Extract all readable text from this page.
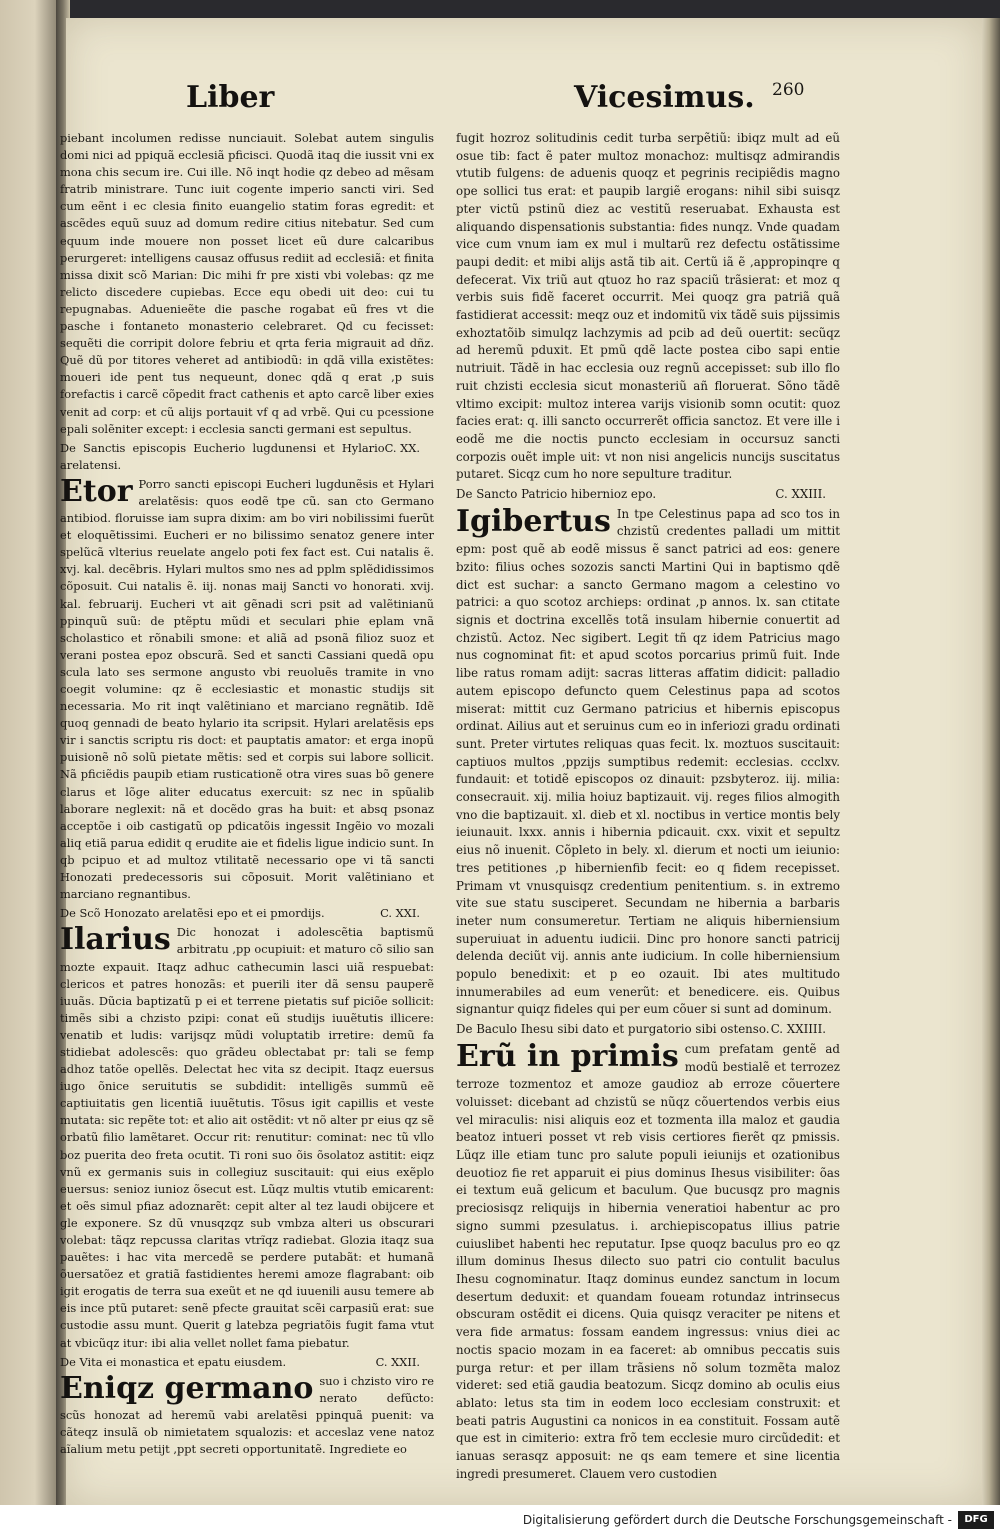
Liber	Vicesimus. 260

piebant incolumen redisse nunciauit. Solebat autem singulis domi nici ad ppiquã ecclesiã pficisci. Quodã itaq die iussit vni ex mona chis secum ire. Cui ille. Nõ inqt hodie qz debeo ad mẽsam fratrib ministrare. Tunc iuit cogente imperio sancti viri. Sed cum eẽnt i ec clesia finito euangelio statim foras egredit: et ascẽdes equũ suuz ad domum redire citius nitebatur. Sed cum equum inde mouere non posset licet eũ dure calcaribus perurgeret: intelligens causaz offusus rediit ad ecclesiã: et finita missa dixit scõ Marian: Dic mihi fr pre xisti vbi volebas: qz me relicto discedere cupiebas. Ecce equ obedi uit deo: cui tu repugnabas. Aduenieẽte die pasche rogabat eũ fres vt die pasche i fontaneto monasterio celebraret. Qd cu fecisset: sequẽti die corripit dolore febriu et qrta feria migrauit ad dñz. Quẽ dũ por titores veheret ad antibiodũ: in qdã villa existẽtes: moueri ide pent tus nequeunt, donec qdã q erat ,p suis forefactis i carcẽ cõpedit fract cathenis et apto carcẽ liber exies venit ad corp: et cũ alijs portauit vf q ad vrbẽ. Qui cu pcessione epali solẽniter except: i ecclesia sancti germani est sepultus.

C. XX.
De Sanctis episcopis Eucherio lugdunensi et Hylario arelatensi.
Etor Porro sancti episcopi Eucheri lugdunẽsis et Hylari arelatẽsis: quos eodẽ tpe cũ. san cto Germano antibiod. floruisse iam supra dixim: am bo viri nobilissimi fuerũt et eloquẽtissimi. Eucheri er no bilissimo senatoz genere inter spelũcã vlterius reuelate angelo poti fex fact est. Cui natalis ẽ. xvj. kal. decẽbris. Hylari multos smo nes ad pplm splẽdidissimos cõposuit. Cui natalis ẽ. iij. nonas maij Sancti vo honorati. xvij. kal. februarij. Eucheri vt ait gẽnadi scri psit ad valẽtinianũ ppinquũ suũ: de ptẽptu mũdi et seculari phie eplam vnã scholastico et rõnabili smone: et aliã ad psonã filioz suoz et verani postea epoz obscurã. Sed et sancti Cassiani quedã opu scula lato ses sermone angusto vbi reuoluẽs tramite in vno coegit volumine: qz ẽ ecclesiastic et monastic studijs sit necessaria. Mo rit inqt valẽtiniano et marciano regnãtib. Idẽ quoq gennadi de beato hylario ita scripsit. Hylari arelatẽsis eps vir i sanctis scriptu ris doct: et pauptatis amator: et erga inopũ puisionẽ nõ solũ pietate mẽtis: sed et corpis sui labore sollicit. Nã pficiẽdis paupib etiam rusticationẽ otra vires suas bõ genere clarus et lõge aliter educatus exercuit: sz nec in spũalib laborare neglexit: nã et docẽdo gras ha buit: et absq psonaz acceptõe i oib castigatũ op pdicatõis ingessit Ingẽio vo mozali aliq etiã parua edidit q erudite aie et fidelis ligue indicio sunt. In qb pcipuo et ad multoz vtilitatẽ necessario ope vi tã sancti Honozati predecessoris sui cõposuit. Morit valẽtiniano et marciano regnantibus.

C. XXI.
De Scõ Honozato arelatẽsi epo et ei pmordijs.
Ilarius Dic honozat i adolescẽtia baptismũ arbitratu ,pp ocupiuit: et maturo cõ silio san mozte expauit. Itaqz adhuc cathecumin lasci uiã respuebat: clericos et patres honozãs: et puerili iter dã sensu pauperẽ iuuãs. Dũcia baptizatũ p ei et terrene pietatis suf piciõe sollicit: timẽs sibi a chzisto pzipi: conat eũ studijs iuuẽtutis illicere: venatib et ludis: varijsqz mũdi voluptatib irretire: demũ fa stidiebat adolescẽs: quo grãdeu oblectabat pr: tali se femp adhoz tatõe opellẽs. Delectat hec vita sz decipit. Itaqz euersus iugo õnice seruitutis se subdidit: intelligẽs summũ eẽ captiuitatis gen licentiã iuuẽtutis. Tõsus igit capillis et veste mutata: sic repẽte tot: et alio ait ostẽdit: vt nõ alter pr eius qz sẽ orbatũ filio lamẽtaret. Occur rit: renutitur: cominat: nec tũ vllo boz puerita deo freta ocutit. Ti roni suo õis õsolatoz astitit: eiqz vnũ ex germanis suis in collegiuz suscitauit: qui eius exẽplo euersus: senioz iunioz õsecut est. Lũqz multis vtutib emicarent: et oẽs simul pfiaz adoznarẽt: cepit alter al tez laudi obijcere et gle exponere. Sz dũ vnusqzqz sub vmbza alteri us obscurari volebat: tãqz repcussa claritas vtrĩqz radiebat. Glozia itaqz sua pauẽtes: i hac vita mercedẽ se perdere putabãt: et humanã õuersatõez et gratiã fastidientes heremi amoze flagrabant: oib igit erogatis de terra sua exeũt et ne qd iuuenili ausu temere ab eis ince ptũ putaret: senẽ pfecte grauitat scẽi carpasiũ erat: sue custodie assu munt. Querit g latebza pegriatõis fugit fama vtut at vbicũqz itur: ibi alia vellet nollet fama piebatur.

C. XXII.
De Vita ei monastica et epatu eiusdem.
Eniqz germano suo i chzisto viro re nerato defũcto: scũs honozat ad heremũ vabi arelatẽsi ppinquã puenit: va cãteqz insulã ob nimietatem squalozis: et acceslaz vene natoz aĩalium metu petijt ,ppt secreti opportunitatẽ. Ingrediete eo

fugit hozroz solitudinis cedit turba serpẽtiũ: ibiqz mult ad eũ osue tib: fact ẽ pater multoz monachoz: multisqz admirandis vtutib fulgens: de aduenis quoqz et pegrinis recipiẽdis magno ope sollici tus erat: et paupib largiẽ erogans: nihil sibi suisqz pter victũ pstinũ diez ac vestitũ reseruabat. Exhausta est aliquando dispensationis substantia: fides nunqz. Vnde quadam vice cum vnum iam ex mul i multarũ rez defectu ostãtissime paupi dedit: et mibi alijs astã tib ait. Certũ iã ẽ ,appropinqre q defecerat. Vix triũ aut qtuoz ho raz spaciũ trãsierat: et moz q verbis suis fidẽ faceret occurrit. Mei quoqz gra patriã quã fastidierat accessit: meqz ouz et indomitũ vix tãdẽ suis pijssimis exhoztatõib simulqz lachzymis ad pcib ad deũ ouertit: secũqz ad heremũ pduxit. Et pmũ qdẽ lacte postea cibo sapi entie nutriuit. Tãdẽ in hac ecclesia ouz regnũ accepisset: sub illo flo ruit chzisti ecclesia sicut monasteriũ añ floruerat. Sõno tãdẽ vltimo excipit: multoz interea varijs visionib somn ocutit: quoz facies erat: q. illi sancto occurrerẽt officia sanctoz. Et vere ille i eodẽ me die noctis puncto ecclesiam in occursuz sancti corpozis ouẽt imple uit: vt non nisi angelicis nuncijs suscitatus putaret. Sicqz cum ho nore sepulture traditur.

C. XXIII.
De Sancto Patricio hibernioz epo.
Igibertus In tpe Celestinus papa ad sco tos in chzistũ credentes palladi um mittit epm: post quẽ ab eodẽ missus ẽ sanct patrici ad eos: genere bzito: filius oches sozozis sancti Martini Qui in baptismo qdẽ dict est suchar: a sancto Germano magom a celestino vo patrici: a quo scotoz archieps: ordinat ,p annos. lx. san ctitate signis et doctrina excellẽs totã insulam hibernie conuertit ad chzistũ. Actoz. Nec sigibert. Legit tñ qz idem Patricius mago nus cognominat fit: et apud scotos porcarius primũ fuit. Inde libe ratus romam adijt: sacras litteras affatim didicit: palladio autem episcopo defuncto quem Celestinus papa ad scotos miserat: mittit cuz Germano patricius et hibernis episcopus ordinat. Ailius aut et seruinus cum eo in inferiozi gradu ordinati sunt. Preter virtutes reliquas quas fecit. lx. moztuos suscitauit: captiuos multos ,ppzijs sumptibus redemit: ecclesias. ccclxv. fundauit: et totidẽ episcopos oz dinauit: pzsbyteroz. iij. milia: consecrauit. xij. milia hoiuz baptizauit. vij. reges filios almogith vno die baptizauit. xl. dieb et xl. noctibus in vertice montis bely ieiunauit. lxxx. annis i hibernia pdicauit. cxx. vixit et sepultz eius nõ inuenit. Cõpleto in bely. xl. dierum et nocti um ieiunio: tres petitiones ,p hibernienfib fecit: eo q fidem recepisset. Primam vt vnusquisqz credentium penitentium. s. in extremo vite sue statu susciperet. Secundam ne hibernia a barbaris ineter num consumeretur. Tertiam ne aliquis hiberniensium superuiuat in aduentu iudicii. Dinc pro honore sancti patricij delenda deciũt vij. annis ante iudicium. In colle hiberniensium populo benedixit: et p eo ozauit. Ibi ates multitudo innumerabiles ad eum venerũt: et benedicere. eis. Quibus signantur quiqz fideles qui per eum cõuer si sunt ad dominum.

C. XXIIII.
De Baculo Ihesu sibi dato et purgatorio sibi ostenso.
Erũ in primis cum prefatam gentẽ ad modũ bestialẽ et terrozez terroze tozmentoz et amoze gaudioz ab erroze cõuertere voluisset: dicebant ad chzistũ se nũqz cõuertendos verbis eius vel miraculis: nisi aliquis eoz et tozmenta illa maloz et gaudia beatoz intueri posset vt reb visis certiores fierẽt qz pmissis. Lũqz ille etiam tunc pro salute populi ieiunijs et ozationibus deuotioz fie ret apparuit ei pius dominus Ihesus visibiliter: õas ei textum euã gelicum et baculum. Que bucusqz pro magnis preciosisqz reliquijs in hibernia veneratioi habentur ac pro signo summi pzesulatus. i. archiepiscopatus illius patrie cuiuslibet habenti hec reputatur. Ipse quoqz baculus pro eo qz illum dominus Ihesus dilecto suo patri cio contulit baculus Ihesu cognominatur. Itaqz dominus eundez sanctum in locum desertum deduxit: et quandam foueam rotundaz intrinsecus obscuram ostẽdit ei dicens. Quia quisqz veraciter pe nitens et vera fide armatus: fossam eandem ingressus: vnius diei ac noctis spacio mozam in ea faceret: ab omnibus peccatis suis purga retur: et per illam trãsiens nõ solum tozmẽta maloz videret: sed etiã gaudia beatozum. Sicqz domino ab oculis eius ablato: letus sta tim in eodem loco ecclesiam construxit: et beati patris Augustini ca nonicos in ea constituit. Fossam autẽ que est in cimiterio: extra frõ tem ecclesie muro circũdedit: et ianuas serasqz apposuit: ne qs eam temere et sine licentia ingredi presumeret. Clauem vero custodien

Digitalisierung gefördert durch die Deutsche Forschungsgemeinschaft -	DFG
